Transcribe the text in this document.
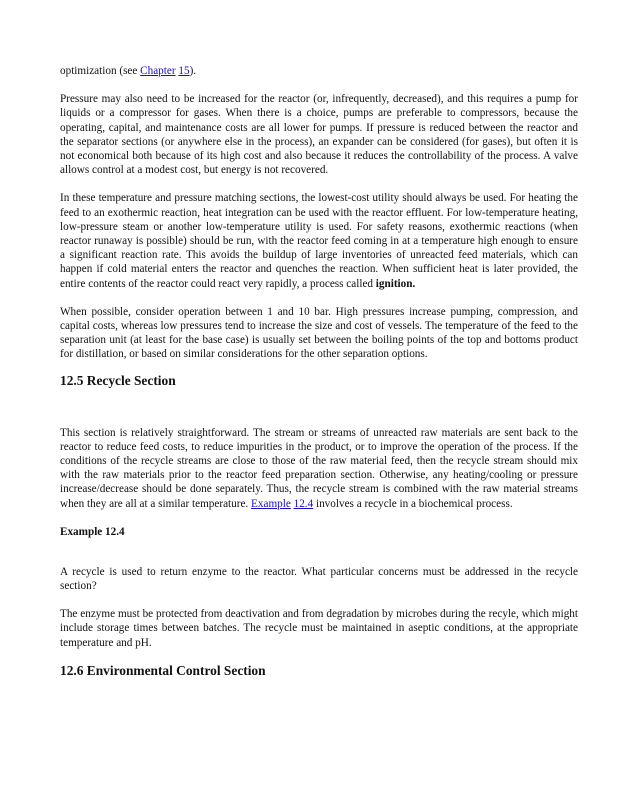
optimization (see Chapter 15).

Pressure may also need to be increased for the reactor (or, infrequently, decreased), and this requires a pump for liquids or a compressor for gases. When there is a choice, pumps are preferable to compressors, because the operating, capital, and maintenance costs are all lower for pumps. If pressure is reduced between the reactor and the separator sections (or anywhere else in the process), an expander can be considered (for gases), but often it is not economical both because of its high cost and also because it reduces the controllability of the process. A valve allows control at a modest cost, but energy is not recovered.

In these temperature and pressure matching sections, the lowest-cost utility should always be used. For heating the feed to an exothermic reaction, heat integration can be used with the reactor effluent. For low-temperature heating, low-pressure steam or another low-temperature utility is used. For safety reasons, exothermic reactions (when reactor runaway is possible) should be run, with the reactor feed coming in at a temperature high enough to ensure a significant reaction rate. This avoids the buildup of large inventories of unreacted feed materials, which can happen if cold material enters the reactor and quenches the reaction. When sufficient heat is later provided, the entire contents of the reactor could react very rapidly, a process called ignition.

When possible, consider operation between 1 and 10 bar. High pressures increase pumping, compression, and capital costs, whereas low pressures tend to increase the size and cost of vessels. The temperature of the feed to the separation unit (at least for the base case) is usually set between the boiling points of the top and bottoms product for distillation, or based on similar considerations for the other separation options.

12.5 Recycle Section

This section is relatively straightforward. The stream or streams of unreacted raw materials are sent back to the reactor to reduce feed costs, to reduce impurities in the product, or to improve the operation of the process. If the conditions of the recycle streams are close to those of the raw material feed, then the recycle stream should mix with the raw materials prior to the reactor feed preparation section. Otherwise, any heating/cooling or pressure increase/decrease should be done separately. Thus, the recycle stream is combined with the raw material streams when they are all at a similar temperature. Example 12.4 involves a recycle in a biochemical process.

Example 12.4

A recycle is used to return enzyme to the reactor. What particular concerns must be addressed in the recycle section?

The enzyme must be protected from deactivation and from degradation by microbes during the recyle, which might include storage times between batches. The recycle must be maintained in aseptic conditions, at the appropriate temperature and pH.

12.6 Environmental Control Section
